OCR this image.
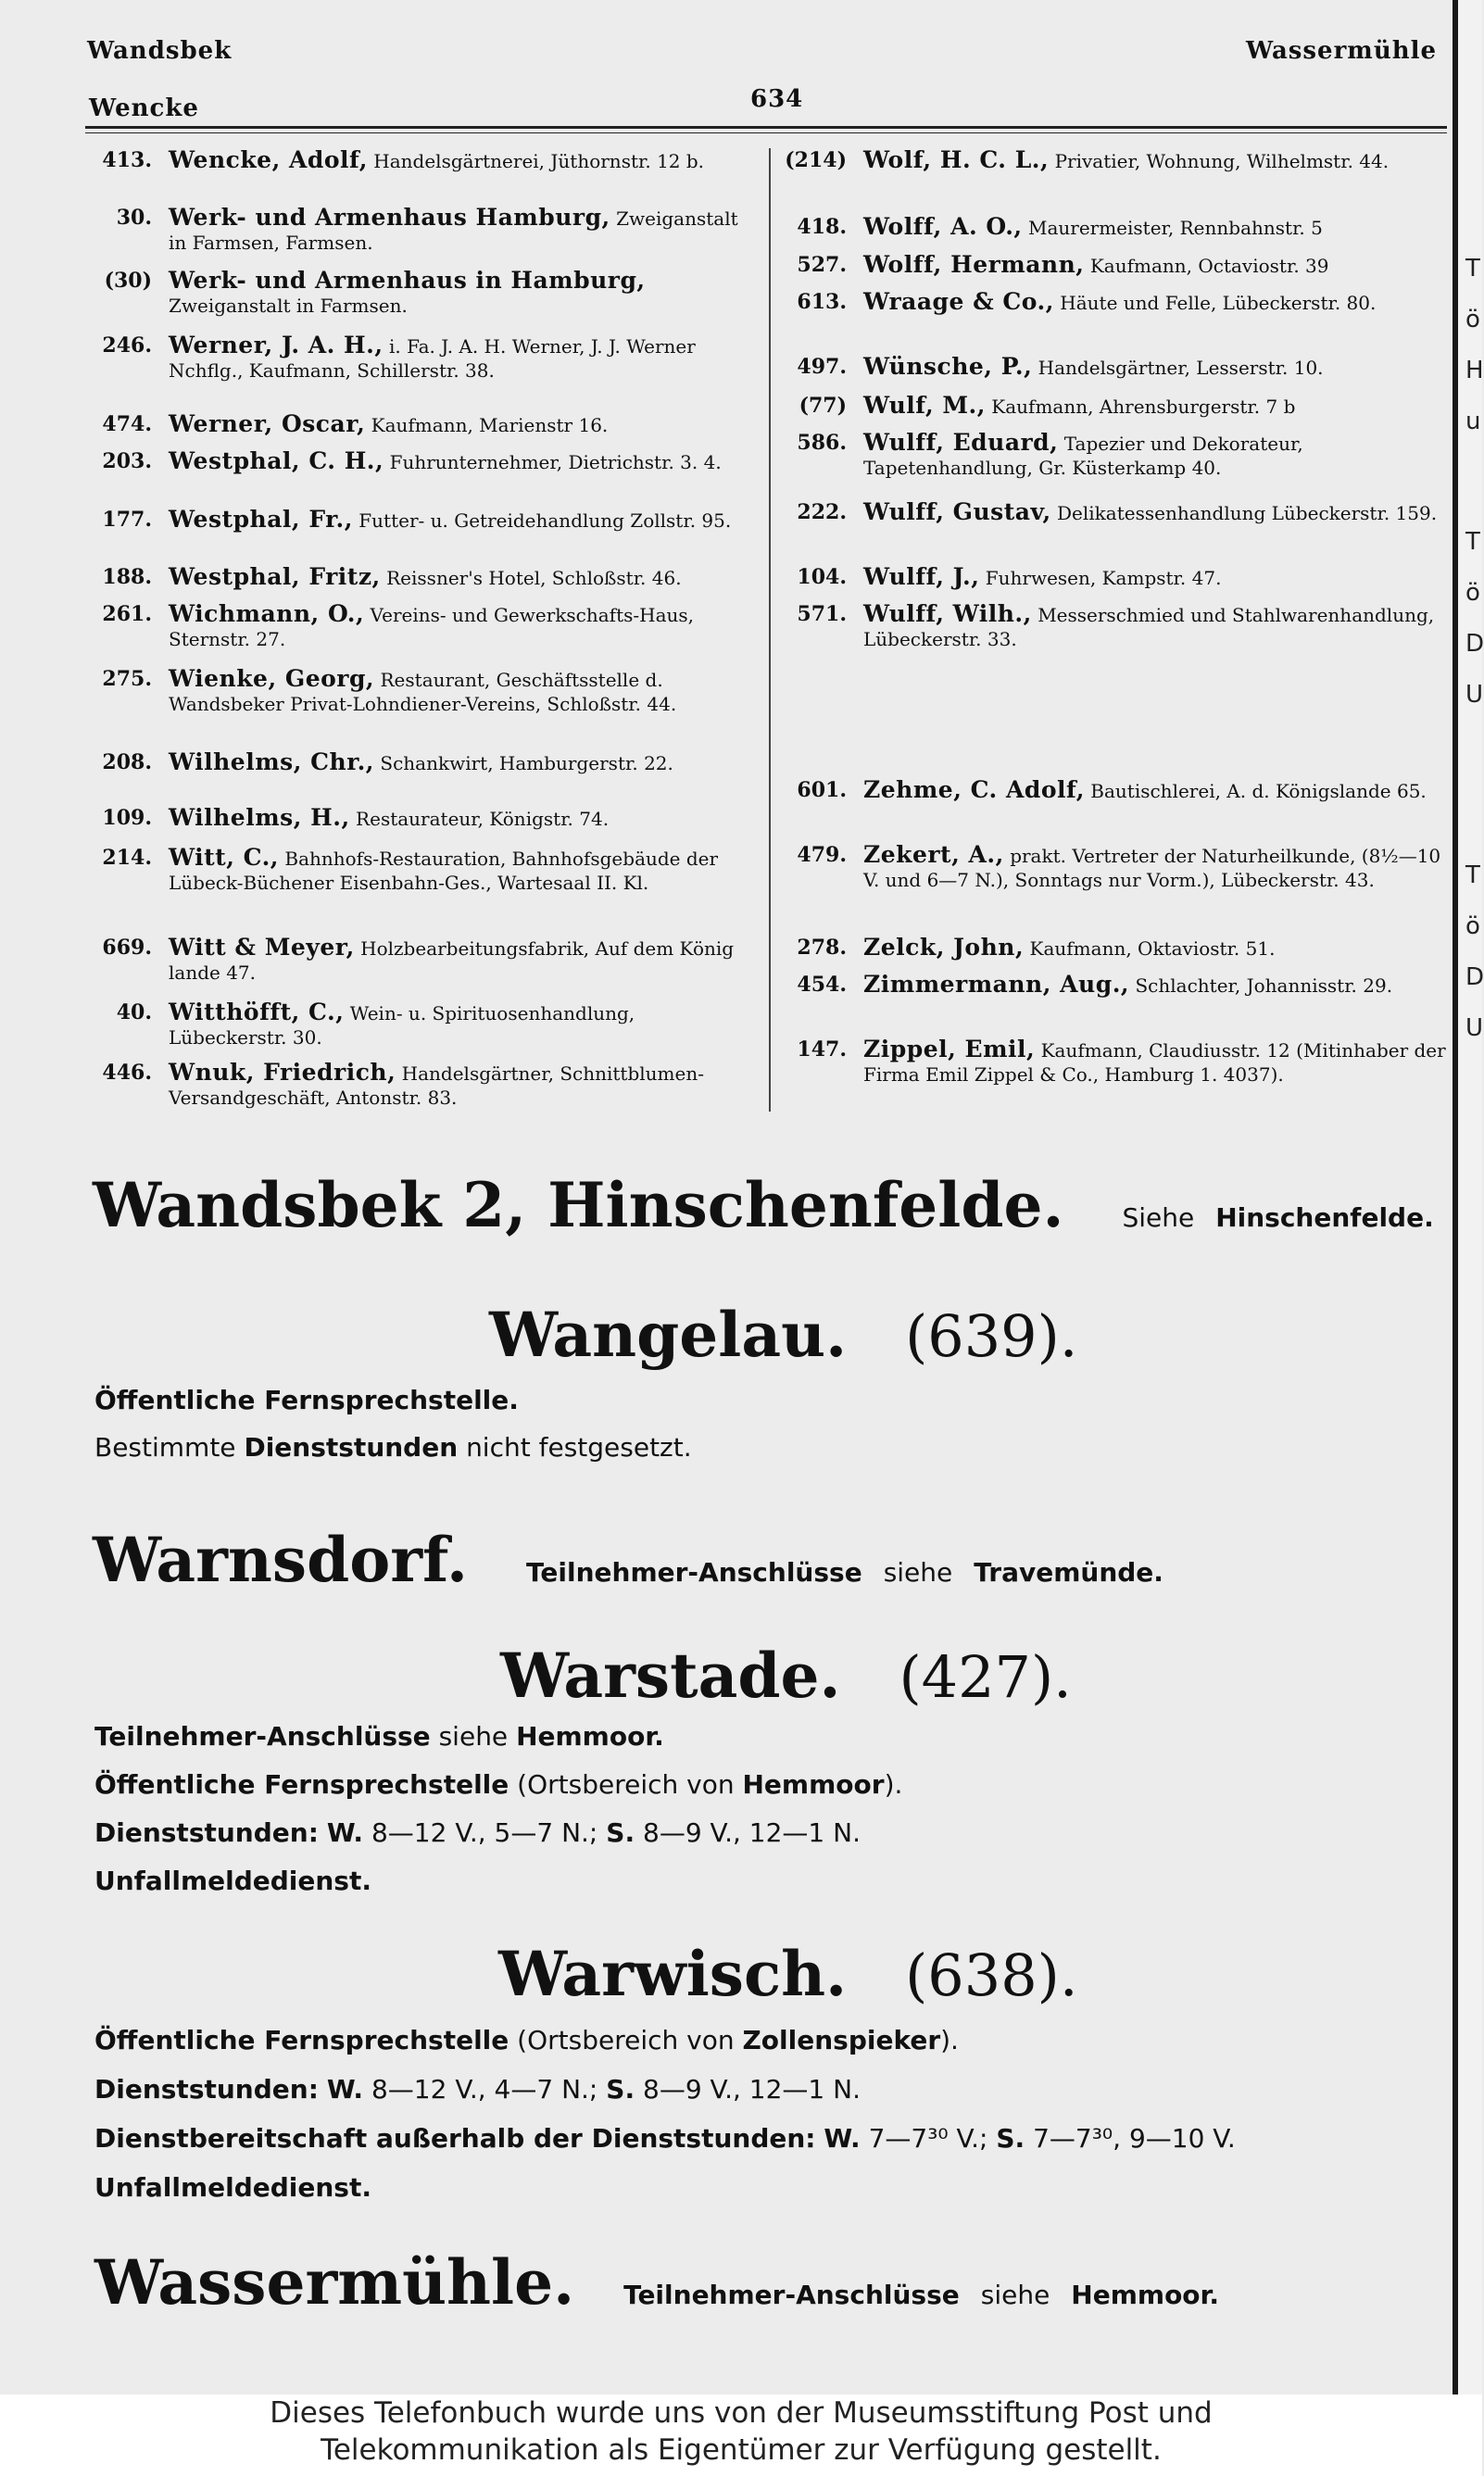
Wandsbek
Wencke	634
Wassermühle
413. Wencke, Adolf, Handelsgärtnerei, Jüthornstr. 12 b.
30. Werk- und Armenhaus Hamburg, Zweiganstalt in Farmsen, Farmsen.
(30) Werk- und Armenhaus in Hamburg, Zweiganstalt in Farmsen.
246. Werner, J. A. H., i. Fa. J. A. H. Werner, J. J. Werner Nchflg., Kaufmann, Schillerstr. 38.
474. Werner, Oscar, Kaufmann, Marienstr 16.
203. Westphal, C. H., Fuhrunternehmer, Dietrichstr. 3. 4.
177. Westphal, Fr., Futter- u. Getreidehandlung Zollstr. 95.
188. Westphal, Fritz, Reissner's Hotel, Schloßstr. 46.
261. Wichmann, O., Vereins- und Gewerkschafts-Haus, Sternstr. 27.
275. Wienke, Georg, Restaurant, Geschäftsstelle d. Wandsbeker Privat-Lohndiener-Vereins, Schloßstr. 44.
208. Wilhelms, Chr., Schankwirt, Hamburgerstr. 22.
109. Wilhelms, H., Restaurateur, Königstr. 74.
214. Witt, C., Bahnhofs-Restauration, Bahnhofsgebäude der Lübeck-Büchener Eisenbahn-Ges., Wartesaal II. Kl.
669. Witt & Meyer, Holzbearbeitungsfabrik, Auf dem König lande 47.
40. Witthöfft, C., Wein- u. Spirituosenhandlung, Lübeckerstr. 30.
446. Wnuk, Friedrich, Handelsgärtner, Schnittblumen-Versandgeschäft, Antonstr. 83.
(214) Wolf, H. C. L., Privatier, Wohnung, Wilhelmstr. 44.
418. Wolff, A. O., Maurermeister, Rennbahnstr. 5
527. Wolff, Hermann, Kaufmann, Octaviostr. 39
613. Wraage & Co., Häute und Felle, Lübeckerstr. 80.
497. Wünsche, P., Handelsgärtner, Lesserstr. 10.
(77) Wulf, M., Kaufmann, Ahrensburgerstr. 7 b
586. Wulff, Eduard, Tapezier und Dekorateur, Tapetenhandlung, Gr. Küsterkamp 40.
222. Wulff, Gustav, Delikatessenhandlung Lübeckerstr. 159.
104. Wulff, J., Fuhrwesen, Kampstr. 47.
571. Wulff, Wilh., Messerschmied und Stahlwarenhandlung, Lübeckerstr. 33.
601. Zehme, C. Adolf, Bautischlerei, A. d. Königslande 65.
479. Zekert, A., prakt. Vertreter der Naturheilkunde, (8½—10 V. und 6—7 N.), Sonntags nur Vorm.), Lübeckerstr. 43.
278. Zelck, John, Kaufmann, Oktaviostr. 51.
454. Zimmermann, Aug., Schlachter, Johannisstr. 29.
147. Zippel, Emil, Kaufmann, Claudiusstr. 12 (Mitinhaber der Firma Emil Zippel & Co., Hamburg 1. 4037).
Wandsbek 2, Hinschenfelde. Siehe Hinschenfelde.
Wangelau. (639).
Öffentliche Fernsprechstelle.
Bestimmte Dienststunden nicht festgesetzt.
Warnsdorf. Teilnehmer-Anschlüsse siehe Travemünde.
Warstade. (427).
Teilnehmer-Anschlüsse siehe Hemmoor.
Öffentliche Fernsprechstelle (Ortsbereich von Hemmoor).
Dienststunden: W. 8—12 V., 5—7 N.; S. 8—9 V., 12—1 N.
Unfallmeldedienst.
Warwisch. (638).
Öffentliche Fernsprechstelle (Ortsbereich von Zollenspieker).
Dienststunden: W. 8—12 V., 4—7 N.; S. 8—9 V., 12—1 N.
Dienstbereitschaft außerhalb der Dienststunden: W. 7—7³⁰ V.; S. 7—7³⁰, 9—10 V.
Unfallmeldedienst.
Wassermühle. Teilnehmer-Anschlüsse siehe Hemmoor.
T
ö
H
u
T
ö
D
U
T
ö
D
U
Dieses Telefonbuch wurde uns von der Museumsstiftung Post und
Telekommunikation als Eigentümer zur Verfügung gestellt.
